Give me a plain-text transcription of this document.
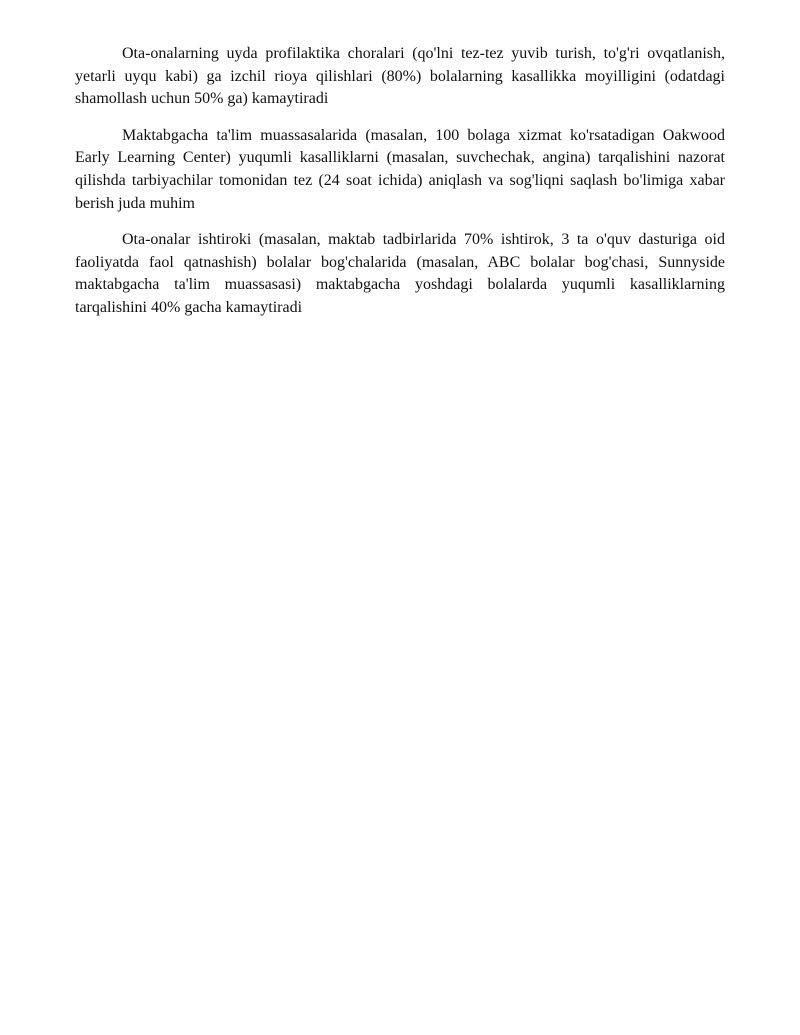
Ota-onalarning uyda profilaktika choralari (qo'lni tez-tez yuvib turish, to'g'ri ovqatlanish, yetarli uyqu kabi) ga izchil rioya qilishlari (80%) bolalarning kasallikka moyilligini (odatdagi shamollash uchun 50% ga) kamaytiradi

Maktabgacha ta'lim muassasalarida (masalan, 100 bolaga xizmat ko'rsatadigan Oakwood Early Learning Center) yuqumli kasalliklarni (masalan, suvchechak, angina) tarqalishini nazorat qilishda tarbiyachilar tomonidan tez (24 soat ichida) aniqlash va sog'liqni saqlash bo'limiga xabar berish juda muhim

Ota-onalar ishtiroki (masalan, maktab tadbirlarida 70% ishtirok, 3 ta o'quv dasturiga oid faoliyatda faol qatnashish) bolalar bog'chalarida (masalan, ABC bolalar bog'chasi, Sunnyside maktabgacha ta'lim muassasasi) maktabgacha yoshdagi bolalarda yuqumli kasalliklarning tarqalishini 40% gacha kamaytiradi
